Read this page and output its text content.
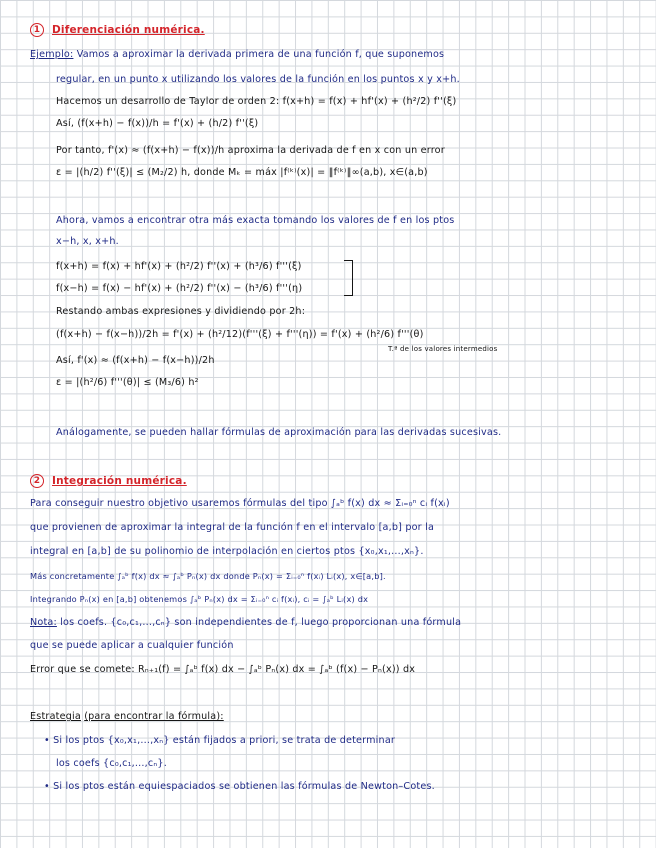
1 Diferenciación numérica.
Ejemplo: Vamos a aproximar la derivada primera de una función f, que suponemos
regular, en un punto x utilizando los valores de la función en los puntos x y x+h.
Hacemos un desarrollo de Taylor de orden 2: f(x+h) = f(x) + hf'(x) + (h²/2) f''(ξ)
Así, (f(x+h) − f(x))/h = f'(x) + (h/2) f''(ξ)
Por tanto, f'(x) ≈ (f(x+h) − f(x))/h aproxima la derivada de f en x con un error
ε = |(h/2) f''(ξ)| ≤ (M₂/2) h, donde Mₖ = máx |f⁽ᵏ⁾(x)| = ‖f⁽ᵏ⁾‖∞(a,b), x∈(a,b)
Ahora, vamos a encontrar otra más exacta tomando los valores de f en los ptos
x−h, x, x+h.
f(x+h) = f(x) + hf'(x) + (h²/2) f''(x) + (h³/6) f'''(ξ)
f(x−h) = f(x) − hf'(x) + (h²/2) f''(x) − (h³/6) f'''(η)
Restando ambas expresiones y dividiendo por 2h:
(f(x+h) − f(x−h))/2h = f'(x) + (h²/12)(f'''(ξ) + f'''(η)) = f'(x) + (h²/6) f'''(θ)
T.ª de los valores intermedios
Así, f'(x) ≈ (f(x+h) − f(x−h))/2h
ε = |(h²/6) f'''(θ)| ≤ (M₃/6) h²
Análogamente, se pueden hallar fórmulas de aproximación para las derivadas sucesivas.
2 Integración numérica.
Para conseguir nuestro objetivo usaremos fórmulas del tipo ∫ₐᵇ f(x) dx ≈ Σᵢ₌₀ⁿ cᵢ f(xᵢ)
que provienen de aproximar la integral de la función f en el intervalo [a,b] por la
integral en [a,b] de su polinomio de interpolación en ciertos ptos {x₀,x₁,...,xₙ}.
Más concretamente ∫ₐᵇ f(x) dx ≈ ∫ₐᵇ Pₙ(x) dx donde Pₙ(x) = Σᵢ₌₀ⁿ f(xᵢ) Lᵢ(x), x∈[a,b].
Integrando Pₙ(x) en [a,b] obtenemos ∫ₐᵇ Pₙ(x) dx = Σᵢ₌₀ⁿ cᵢ f(xᵢ), cᵢ = ∫ₐᵇ Lᵢ(x) dx
Nota: los coefs. {c₀,c₁,...,cₙ} son independientes de f, luego proporcionan una fórmula
que se puede aplicar a cualquier función
Error que se comete: Rₙ₊₁(f) = ∫ₐᵇ f(x) dx − ∫ₐᵇ Pₙ(x) dx = ∫ₐᵇ (f(x) − Pₙ(x)) dx
Estrategia (para encontrar la fórmula):
• Si los ptos {x₀,x₁,...,xₙ} están fijados a priori, se trata de determinar
los coefs {c₀,c₁,...,cₙ}.
• Si los ptos están equiespaciados se obtienen las fórmulas de Newton–Cotes.
